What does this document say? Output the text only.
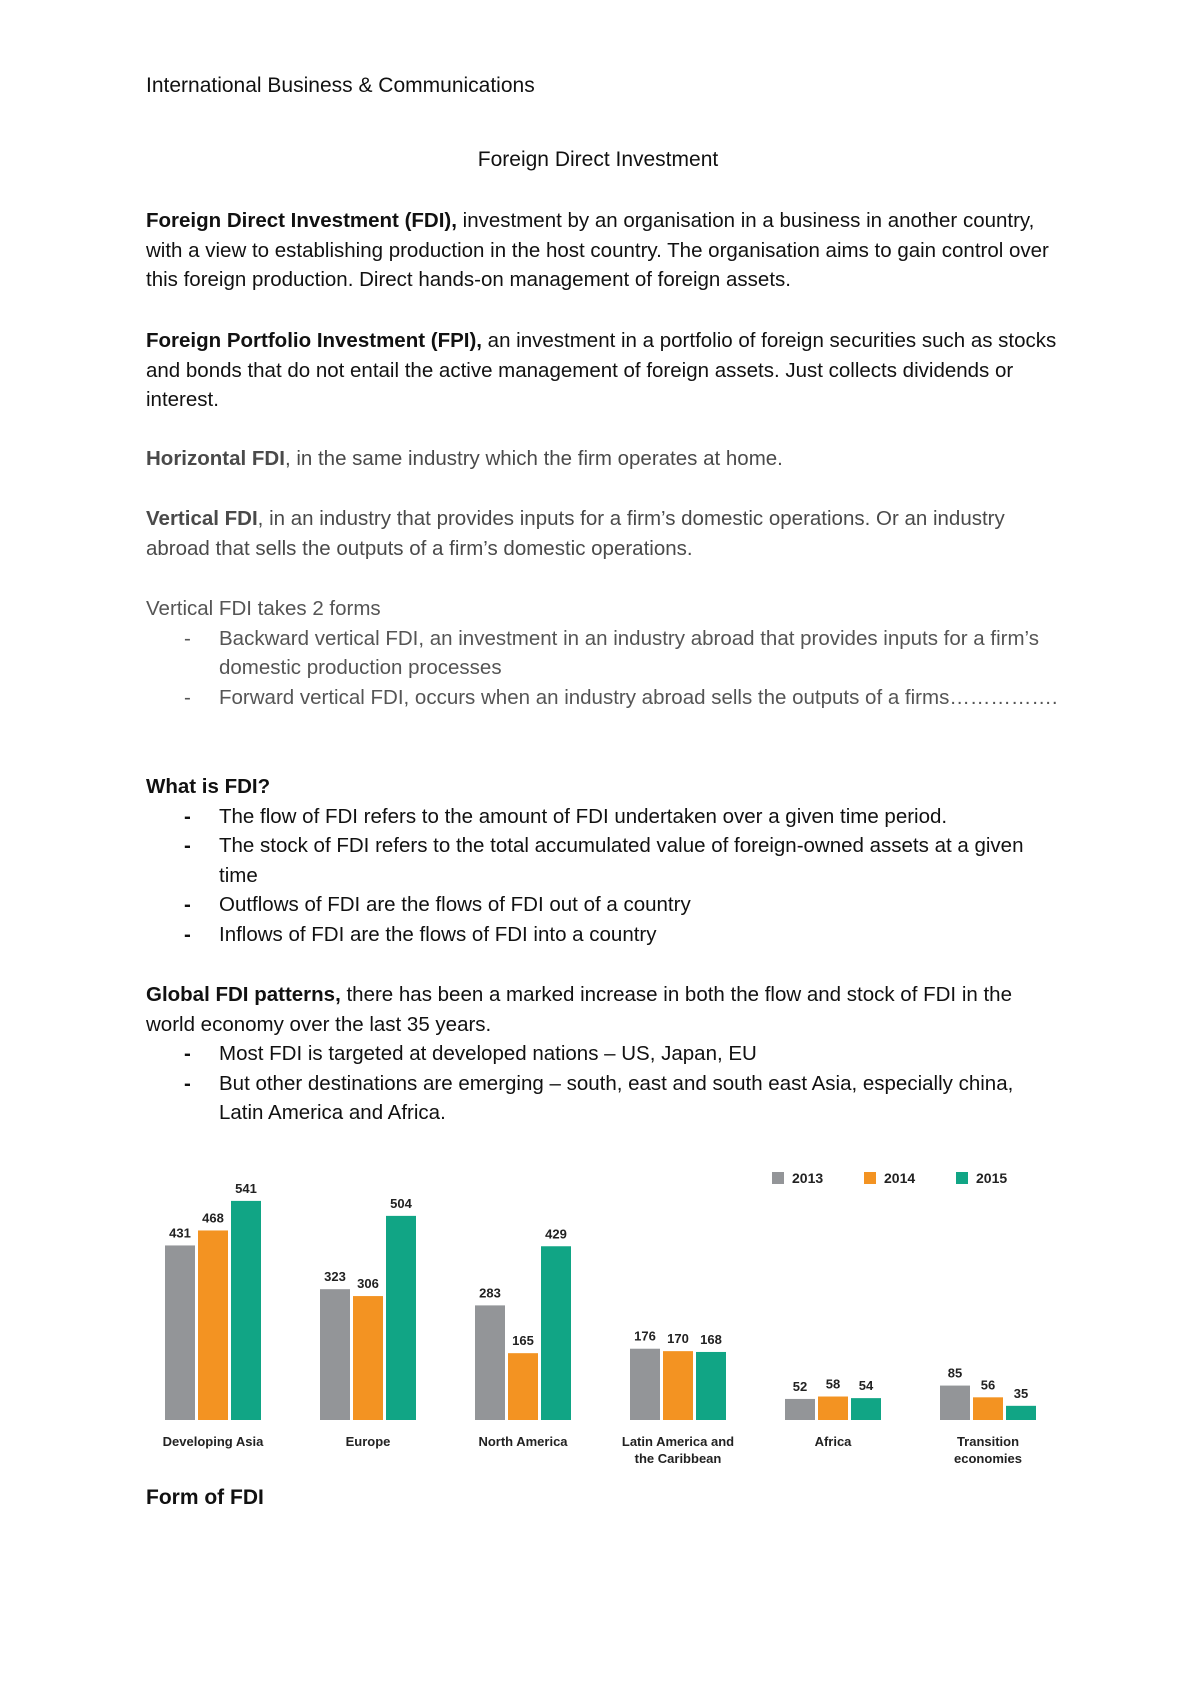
International Business & Communications
Foreign Direct Investment
Foreign Direct Investment (FDI), investment by an organisation in a business in another country, with a view to establishing production in the host country. The organisation aims to gain control over this foreign production. Direct hands-on management of foreign assets.
Foreign Portfolio Investment (FPI), an investment in a portfolio of foreign securities such as stocks and bonds that do not entail the active management of foreign assets. Just collects dividends or interest.
Horizontal FDI, in the same industry which the firm operates at home.
Vertical FDI, in an industry that provides inputs for a firm’s domestic operations. Or an industry abroad that sells the outputs of a firm’s domestic operations.
Vertical FDI takes 2 forms
- Backward vertical FDI, an investment in an industry abroad that provides inputs for a firm’s domestic production processes
- Forward vertical FDI, occurs when an industry abroad sells the outputs of a firms…………….
What is FDI?
- The flow of FDI refers to the amount of FDI undertaken over a given time period.
- The stock of FDI refers to the total accumulated value of foreign-owned assets at a given time
- Outflows of FDI are the flows of FDI out of a country
- Inflows of FDI are the flows of FDI into a country
Global FDI patterns, there has been a marked increase in both the flow and stock of FDI in the world economy over the last 35 years.
- Most FDI is targeted at developed nations – US, Japan, EU
- But other destinations are emerging – south, east and south east Asia, especially china, Latin America and Africa.
Form of FDI
431
468
541
Developing Asia
323 306
504
Europe
283
165
429
North America
176 170 168
Latin America and
the Caribbean
52 58 54
Africa
85
56
35
Transition
economies
2013	2014	2015
